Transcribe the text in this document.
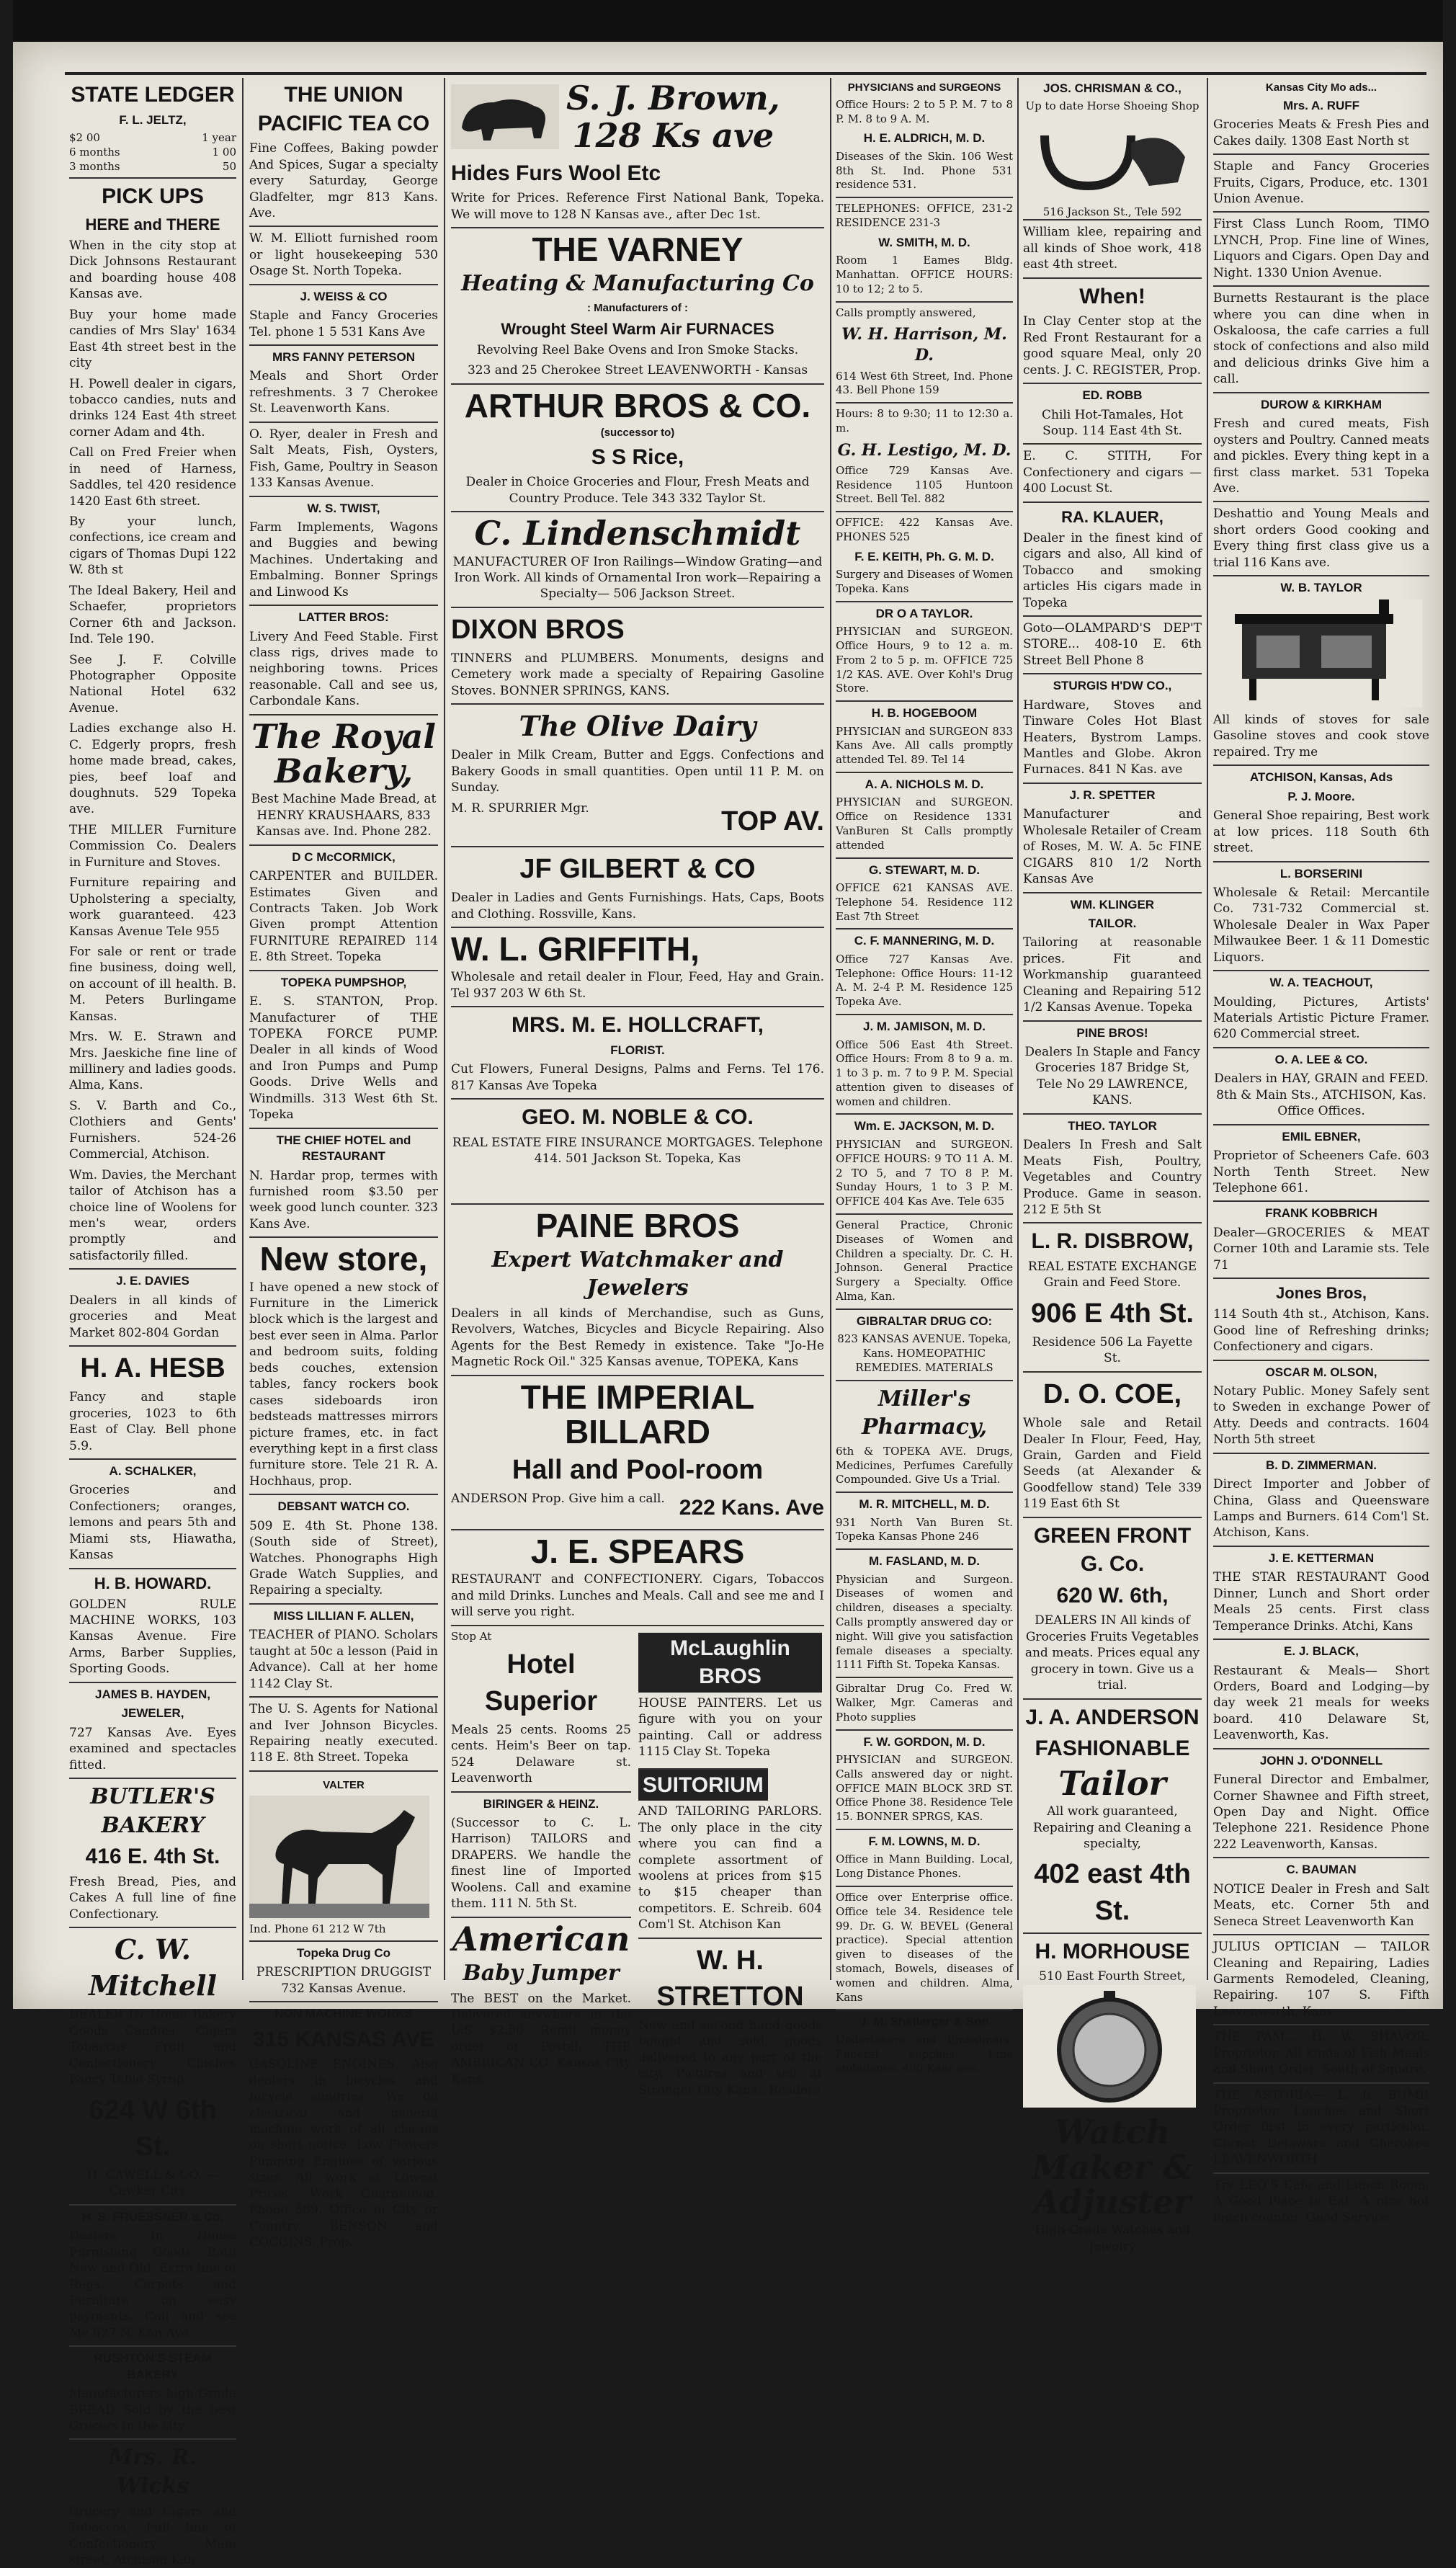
STATE LEDGER
F. L. JELTZ,
$2 00	1 year
6 months	1 00
3 months	50
PICK UPS
HERE and THERE

When in the city stop at Dick Johnsons Restaurant and boarding house 408 Kansas ave.

Buy your home made candies of Mrs Slay' 1634 East 4th street best in the city

H. Powell dealer in cigars, tobacco candies, nuts and drinks 124 East 4th street corner Adam and 4th.

Call on Fred Freier when in need of Harness, Saddles, tel 420 residence 1420 East 6th street.

By your lunch, confections, ice cream and cigars of Thomas Dupi 122 W. 8th st

The Ideal Bakery, Heil and Schaefer, proprietors Corner 6th and Jackson. Ind. Tele 190.

See J. F. Colville Photographer Opposite National Hotel 632 Avenue.

Ladies exchange also H. C. Edgerly proprs, fresh home made bread, cakes, pies, beef loaf and doughnuts. 529 Topeka ave.

THE MILLER Furniture Commission Co. Dealers in Furniture and Stoves.

Furniture repairing and Upholstering a specialty, work guaranteed. 423 Kansas Avenue Tele 955

For sale or rent or trade fine business, doing well, on account of ill health. B. M. Peters Burlingame Kansas.

Mrs. W. E. Strawn and Mrs. Jaeskiche fine line of millinery and ladies goods. Alma, Kans.

S. V. Barth and Co., Clothiers and Gents' Furnishers. 524-26 Commercial, Atchison.

Wm. Davies, the Merchant tailor of Atchison has a choice line of Woolens for men's wear, orders promptly and satisfactorily filled.

J. E. DAVIES

Dealers in all kinds of groceries and Meat Market 802-804 Gordan

H. A. HESB

Fancy and staple groceries, 1023 to 6th East of Clay. Bell phone 5.9.

A. SCHALKER,

Groceries and Confectioners; oranges, lemons and pears 5th and Miami sts, Hiawatha, Kansas

H. B. HOWARD.

GOLDEN RULE MACHINE WORKS, 103 Kansas Avenue. Fire Arms, Barber Supplies, Sporting Goods.

JAMES B. HAYDEN,
JEWELER,

727 Kansas Ave. Eyes examined and spectacles fitted.

BUTLER'S BAKERY
416 E. 4th St.

Fresh Bread, Pies, and Cakes A full line of fine Confectionary.

C. W. Mitchell

DEALER IN Home Bakery Goods Candies, Cigars Tobaccos Fruit and Confectionery. Cinches Fancy Table Syrup

624 W 6th St.

H. CAWELL & CO. — Cawker City...

H. S. FRUESSNER & Co.

Dealers In House Furnishing Goods Both New and Old. Extra line of Rags, Carpets and Furniture on easy payments. Call and see Me 627 N. Kan Ave.

RUSHTON'S STEAM BAKERY

Manufacturers high Grade BREAD Sold by the best Grocers in the city.

Mrs. R. Wicks

Grocery and Cigars and Tobaccos, Full line of Confectionery Main street, Atchison Kan

THE UNION PACIFIC TEA CO

Fine Coffees, Baking powder And Spices, Sugar a specialty every Saturday, George Gladfelter, mgr 813 Kans. Ave.

W. M. Elliott furnished room or light housekeeping 530 Osage St. North Topeka.

J. WEISS & CO

Staple and Fancy Groceries Tel. phone 1 5 531 Kans Ave

MRS FANNY PETERSON

Meals and Short Order refreshments. 3 7 Cherokee St. Leavenworth Kans.

O. Ryer, dealer in Fresh and Salt Meats, Fish, Oysters, Fish, Game, Poultry in Season 133 Kansas Avenue.

W. S. TWIST,

Farm Implements, Wagons and Buggies and bewing Machines. Undertaking and Embalming. Bonner Springs and Linwood Ks

LATTER BROS:

Livery And Feed Stable. First class rigs, drives made to neighboring towns. Prices reasonable. Call and see us, Carbondale Kans.

The Royal Bakery,

Best Machine Made Bread, at HENRY KRAUSHAARS, 833 Kansas ave. Ind. Phone 282.

D C McCORMICK,

CARPENTER and BUILDER. Estimates Given and Contracts Taken. Job Work Given prompt Attention FURNITURE REPAIRED 114 E. 8th Street. Topeka

TOPEKA PUMPSHOP,

E. S. STANTON, Prop. Manufacturer of THE TOPEKA FORCE PUMP. Dealer in all kinds of Wood and Iron Pumps and Pump Goods. Drive Wells and Windmills. 313 West 6th St. Topeka

THE CHIEF HOTEL and RESTAURANT

N. Hardar prop, termes with furnished room $3.50 per week good lunch counter. 323 Kans Ave.

New store,

I have opened a new stock of Furniture in the Limerick block which is the largest and best ever seen in Alma. Parlor and bedroom suits, folding beds couches, extension tables, fancy rockers book cases sideboards iron bedsteads mattresses mirrors picture frames, etc. in fact everything kept in a first class furniture store. Tele 21 R. A. Hochhaus, prop.

DEBSANT WATCH CO.

509 E. 4th St. Phone 138. (South side of Street), Watches. Phonographs High Grade Watch Supplies, and Repairing a specialty.

MISS LILLIAN F. ALLEN,

TEACHER of PIANO. Scholars taught at 50c a lesson (Paid in Advance). Call at her home 1142 Clay St.

The U. S. Agents for National and Iver Johnson Bicycles. Repairing neatly executed. 118 E. 8th Street. Topeka

VALTER
Ind. Phone 61 212 W 7th
Topeka Drug Co

PRESCRIPTION DRUGGIST 732 Kansas Avenue.

NON MACHINE WORKS
315 KANSAS AVE

GASOLINE ENGINES. Also dealers in bicycles and bicycle sundries. We do electrical and general machine work of all classes on short notice. Low Flowers Pumping Engines of various sizes. All work at Lowest Prices. Work Guaranteed. Phone 589. Office in City or Country. BENSON and COGGINS, Prop.

S. J. Brown,
128 Ks ave
Hides Furs Wool Etc

Write for Prices. Reference First National Bank, Topeka. We will move to 128 N Kansas ave., after Dec 1st.

THE VARNEY
Heating & Manufacturing Co
: Manufacturers of :
Wrought Steel Warm Air FURNACES

Revolving Reel Bake Ovens and Iron Smoke Stacks.

323 and 25 Cherokee Street LEAVENWORTH - Kansas

ARTHUR BROS & CO.
(successor to)
S S Rice,

Dealer in Choice Groceries and Flour, Fresh Meats and Country Produce. Tele 343 332 Taylor St.

C. Lindenschmidt

MANUFACTURER OF Iron Railings—Window Grating—and Iron Work. All kinds of Ornamental Iron work—Repairing a Specialty— 506 Jackson Street.

DIXON BROS

TINNERS and PLUMBERS. Monuments, designs and Cemetery work made a specialty of Repairing Gasoline Stoves. BONNER SPRINGS, KANS.

The Olive Dairy

Dealer in Milk Cream, Butter and Eggs. Confections and Bakery Goods in small quantities. Open until 11 P. M. on Sunday.

M. R. SPURRIER Mgr.	TOP AV.
JF GILBERT & CO

Dealer in Ladies and Gents Furnishings. Hats, Caps, Boots and Clothing. Rossville, Kans.

W. L. GRIFFITH,

Wholesale and retail dealer in Flour, Feed, Hay and Grain. Tel 937 203 W 6th St.

MRS. M. E. HOLLCRAFT,
FLORIST.

Cut Flowers, Funeral Designs, Palms and Ferns. Tel 176. 817 Kansas Ave Topeka

GEO. M. NOBLE & CO.

REAL ESTATE FIRE INSURANCE MORTGAGES. Telephone 414. 501 Jackson St. Topeka, Kas

PAINE BROS
Expert Watchmaker and Jewelers

Dealers in all kinds of Merchandise, such as Guns, Revolvers, Watches, Bicycles and Bicycle Repairing. Also Agents for the Best Remedy in existence. Take "Jo-He Magnetic Rock Oil." 325 Kansas avenue, TOPEKA, Kans

THE IMPERIAL BILLARD
Hall and Pool-room
ANDERSON Prop. Give him a call. 222 Kans. Ave
J. E. SPEARS

RESTAURANT and CONFECTIONERY. Cigars, Tobaccos and mild Drinks. Lunches and Meals. Call and see me and I will serve you right.

Stop At
Hotel Superior

Meals 25 cents. Rooms 25 cents. Heim's Beer on tap. 524 Delaware st. Leavenworth

BIRINGER & HEINZ.

(Successor to C. L. Harrison) TAILORS and DRAPERS. We handle the finest line of Imported Woolens. Call and examine them. 111 N. 5th St.

American
Baby Jumper

The BEST on the Market. Delivered anywhere in the U.S. $2.50. Remit money order or Postal. THE AMERICAN CO. Kansas City Kans.

McLaughlin BROS

HOUSE PAINTERS. Let us figure with you on your painting. Call or address 1115 Clay St. Topeka

SUITORIUM

AND TAILORING PARLORS. The only place in the city where you can find a complete assortment of woolens at prices from $15 to $15 cheaper than competitors. E. Schreib. 604 Com'l St. Atchison Kan

W. H. STRETTON

New and second hand goods bought and sold, goods delivered to any part of the city. Pictures and sell at Stronger City Kans., Readers

PHYSICIANS and SURGEONS

Office Hours: 2 to 5 P. M. 7 to 8 P. M. 8 to 9 A. M.

H. E. ALDRICH, M. D.

Diseases of the Skin. 106 West 8th St. Ind. Phone 531 residence 531.

TELEPHONES: OFFICE, 231-2 RESIDENCE 231-3

W. SMITH, M. D.

Room 1 Eames Bldg. Manhattan. OFFICE HOURS: 10 to 12; 2 to 5.

Calls promptly answered,

W. H. Harrison, M. D.

614 West 6th Street, Ind. Phone 43. Bell Phone 159

Hours: 8 to 9:30; 11 to 12:30 a. m.

G. H. Lestigo, M. D.

Office 729 Kansas Ave. Residence 1105 Huntoon Street. Bell Tel. 882

OFFICE: 422 Kansas Ave. PHONES 525

F. E. KEITH, Ph. G. M. D.

Surgery and Diseases of Women Topeka. Kans

DR O A TAYLOR.

PHYSICIAN and SURGEON. Office Hours, 9 to 12 a. m. From 2 to 5 p. m. OFFICE 725 1/2 KAS. AVE. Over Kohl's Drug Store.

H. B. HOGEBOOM

PHYSICIAN and SURGEON 833 Kans Ave. All calls promptly attended Tel. 89. Tel 14

A. A. NICHOLS M. D.

PHYSICIAN and SURGEON. Office on Residence 1331 VanBuren St Calls promptly attended

G. STEWART, M. D.

OFFICE 621 KANSAS AVE. Telephone 54. Residence 112 East 7th Street

C. F. MANNERING, M. D.

Office 727 Kansas Ave. Telephone: Office Hours: 11-12 A. M. 2-4 P. M. Residence 125 Topeka Ave.

J. M. JAMISON, M. D.

Office 506 East 4th Street. Office Hours: From 8 to 9 a. m. 1 to 3 p. m. 7 to 9 P. M. Special attention given to diseases of women and children.

Wm. E. JACKSON, M. D.

PHYSICIAN and SURGEON. OFFICE HOURS: 9 TO 11 A. M. 2 TO 5, and 7 TO 8 P. M. Sunday Hours, 1 to 3 P. M. OFFICE 404 Kas Ave. Tele 635

General Practice, Chronic Diseases of Women and Children a specialty. Dr. C. H. Johnson. General Practice Surgery a Specialty. Office Alma, Kan.

GIBRALTAR DRUG CO:

823 KANSAS AVENUE. Topeka, Kans. HOMEOPATHIC REMEDIES. MATERIALS

Miller's Pharmacy,

6th & TOPEKA AVE. Drugs, Medicines, Perfumes Carefully Compounded. Give Us a Trial.

M. R. MITCHELL, M. D.

931 North Van Buren St. Topeka Kansas Phone 246

M. FASLAND, M. D.

Physician and Surgeon. Diseases of women and children, diseases a specialty. Calls promptly answered day or night. Will give you satisfaction female diseases a specialty. 1111 Fifth St. Topeka Kansas.

Gibraltar Drug Co. Fred W. Walker, Mgr. Cameras and Photo supplies

F. W. GORDON, M. D.

PHYSICIAN and SURGEON. Calls answered day or night. OFFICE MAIN BLOCK 3RD ST. Office Phone 38. Residence Tele 15. BONNER SPRGS, KAS.

F. M. LOWNS, M. D.

Office in Mann Building. Local, Long Distance Phones.

Office over Enterprise office. Office tele 34. Residence tele 99. Dr. G. W. BEVEL (General practice). Special attention given to diseases of the stomach, Bowels, diseases of women and children. Alma, Kans

J. M. Shellarger & Son

Undertakers and Embalmers. Funeral supplies. Fine ambulance. 400 Kans ave.

JOS. CHRISMAN & CO.,
Up to date Horse Shoeing Shop
516 Jackson St., Tele 592

William klee, repairing and all kinds of Shoe work, 418 east 4th street.

When!

In Clay Center stop at the Red Front Restaurant for a good square Meal, only 20 cents. J. C. REGISTER, Prop.

ED. ROBB

Chili Hot-Tamales, Hot Soup. 114 East 4th St.

E. C. STITH, For Confectionery and cigars — 400 Locust St.

RA. KLAUER,

Dealer in the finest kind of cigars and also, All kind of Tobacco and smoking articles His cigars made in Topeka

Goto—OLAMPARD'S DEP'T STORE... 408-10 E. 6th Street Bell Phone 8

STURGIS H'DW CO.,

Hardware, Stoves and Tinware Coles Hot Blast Heaters, Bystrom Lamps. Mantles and Globe. Akron Furnaces. 841 N Kas. ave

J. R. SPETTER

Manufacturer and Wholesale Retailer of Cream of Roses, M. W. A. 5c FINE CIGARS 810 1/2 North Kansas Ave

WM. KLINGER
TAILOR.

Tailoring at reasonable prices. Fit and Workmanship guaranteed Cleaning and Repairing 512 1/2 Kansas Avenue. Topeka

PINE BROS!

Dealers In Staple and Fancy Groceries 187 Bridge St, Tele No 29 LAWRENCE, KANS.

THEO. TAYLOR

Dealers In Fresh and Salt Meats Fish, Poultry, Vegetables and Country Produce. Game in season. 212 E 5th St

L. R. DISBROW,

REAL ESTATE EXCHANGE Grain and Feed Store.

906 E 4th St.

Residence 506 La Fayette St.

D. O. COE,

Whole sale and Retail Dealer In Flour, Feed, Hay, Grain, Garden and Field Seeds (at Alexander & Goodfellow stand) Tele 339 119 East 6th St

GREEN FRONT G. Co.
620 W. 6th,

DEALERS IN All kinds of Groceries Fruits Vegetables and meats. Prices equal any grocery in town. Give us a trial.

J. A. ANDERSON
FASHIONABLE
Tailor

All work guaranteed, Repairing and Cleaning a specialty,

402 east 4th St.
H. MORHOUSE
510 East Fourth Street,
Watch Maker & Adjuster

High-Grade Watches and Jewelry

Kansas City Mo ads...
Mrs. A. RUFF

Groceries Meats & Fresh Pies and Cakes daily. 1308 East North st

Staple and Fancy Groceries Fruits, Cigars, Produce, etc. 1301 Union Avenue.

First Class Lunch Room, TIMO LYNCH, Prop. Fine line of Wines, Liquors and Cigars. Open Day and Night. 1330 Union Avenue.

Burnetts Restaurant is the place where you can dine when in Oskaloosa, the cafe carries a full stock of confections and also mild and delicious drinks Give him a call.

DUROW & KIRKHAM

Fresh and cured meats, Fish oysters and Poultry. Canned meats and pickles. Every thing kept in a first class market. 531 Topeka Ave.

Deshattio and Young Meals and short orders Good cooking and Every thing first class give us a trial 116 Kans ave.

W. B. TAYLOR

All kinds of stoves for sale Gasoline stoves and cook stove repaired. Try me

ATCHISON, Kansas, Ads
P. J. Moore.

General Shoe repairing, Best work at low prices. 118 South 6th street.

L. BORSERINI

Wholesale & Retail: Mercantile Co. 731-732 Commercial st. Wholesale Dealer in Wax Paper Milwaukee Beer. 1 & 11 Domestic Liquors.

W. A. TEACHOUT,

Moulding, Pictures, Artists' Materials Artistic Picture Framer. 620 Commercial street.

O. A. LEE & CO.

Dealers in HAY, GRAIN and FEED. 8th & Main Sts., ATCHISON, Kas. Office Offices.

EMIL EBNER,

Proprietor of Scheeners Cafe. 603 North Tenth Street. New Telephone 661.

FRANK KOBBRICH

Dealer—GROCERIES & MEAT Corner 10th and Laramie sts. Tele 71

Jones Bros,

114 South 4th st., Atchison, Kans. Good line of Refreshing drinks; Confectionery and cigars.

OSCAR M. OLSON,

Notary Public. Money Safely sent to Sweden in exchange Power of Atty. Deeds and contracts. 1604 North 5th street

B. D. ZIMMERMAN.

Direct Importer and Jobber of China, Glass and Queensware Lamps and Burners. 614 Com'l St. Atchison, Kans.

J. E. KETTERMAN

THE STAR RESTAURANT Good Dinner, Lunch and Short order Meals 25 cents. First class Temperance Drinks. Atchi, Kans

E. J. BLACK,

Restaurant & Meals— Short Orders, Board and Lodging—by day week 21 meals for weeks board. 410 Delaware St, Leavenworth, Kas.

JOHN J. O'DONNELL

Funeral Director and Embalmer, Corner Shawnee and Fifth street, Open Day and Night. Office Telephone 221. Residence Phone 222 Leavenworth, Kansas.

C. BAUMAN

NOTICE Dealer in Fresh and Salt Meats, etc. Corner 5th and Seneca Street Leavenworth Kan

JULIUS OPTICIAN — TAILOR Cleaning and Repairing, Ladies Garments Remodeled, Cleaning, Repairing. 107 S. Fifth Leavenworth, Kans.

THE FAM... H. W. SHAVOR, Proprietor. All kinds of Fish Meals and Short Order. South of Square.

THE ASTORIA— L. E. BUMP, Proprietor. Lunches and Short Order first in every particular. Corner Delaware and Cherokee LEAVENWORTH

Try LEO'S Cafe and Lunch Room. A Good Place to Eat. A nice hot lunch counter. Good Service.
